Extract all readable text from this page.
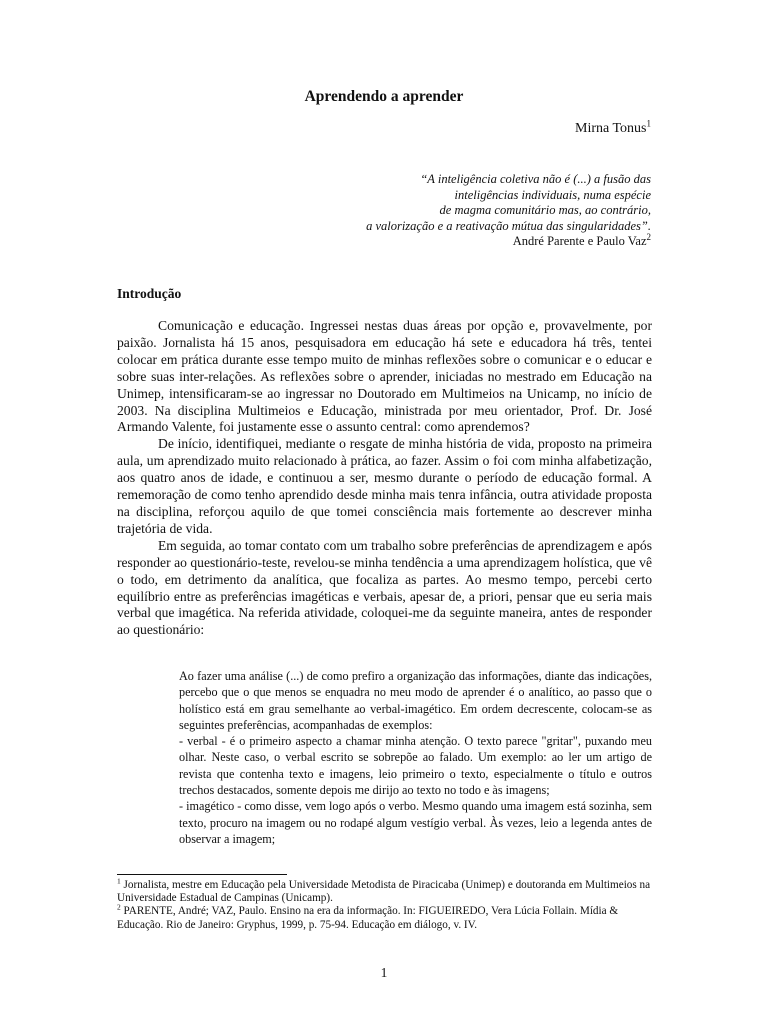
Aprendendo a aprender
Mirna Tonus$^1$
“A inteligência coletiva não é (...) a fusão das
inteligências individuais, numa espécie
de magma comunitário mas, ao contrário,
a valorização e a reativação mútua das singularidades”.
André Parente e Paulo Vaz$^2$
Introdução

Comunicação e educação. Ingressei nestas duas áreas por opção e, provavelmente, por paixão. Jornalista há 15 anos, pesquisadora em educação há sete e educadora há três, tentei colocar em prática durante esse tempo muito de minhas reflexões sobre o comunicar e o educar e sobre suas inter-relações. As reflexões sobre o aprender, iniciadas no mestrado em Educação na Unimep, intensificaram-se ao ingressar no Doutorado em Multimeios na Unicamp, no início de 2003. Na disciplina Multimeios e Educação, ministrada por meu orientador, Prof. Dr. José Armando Valente, foi justamente esse o assunto central: como aprendemos?

De início, identifiquei, mediante o resgate de minha história de vida, proposto na primeira aula, um aprendizado muito relacionado à prática, ao fazer. Assim o foi com minha alfabetização, aos quatro anos de idade, e continuou a ser, mesmo durante o período de educação formal. A rememoração de como tenho aprendido desde minha mais tenra infância, outra atividade proposta na disciplina, reforçou aquilo de que tomei consciência mais fortemente ao descrever minha trajetória de vida.

Em seguida, ao tomar contato com um trabalho sobre preferências de aprendizagem e após responder ao questionário-teste, revelou-se minha tendência a uma aprendizagem holística, que vê o todo, em detrimento da analítica, que focaliza as partes. Ao mesmo tempo, percebi certo equilíbrio entre as preferências imagéticas e verbais, apesar de, a priori, pensar que eu seria mais verbal que imagética. Na referida atividade, coloquei-me da seguinte maneira, antes de responder ao questionário:

Ao fazer uma análise (...) de como prefiro a organização das informações, diante das indicações, percebo que o que menos se enquadra no meu modo de aprender é o analítico, ao passo que o holístico está em grau semelhante ao verbal-imagético. Em ordem decrescente, colocam-se as seguintes preferências, acompanhadas de exemplos:

- verbal - é o primeiro aspecto a chamar minha atenção. O texto parece "gritar", puxando meu olhar. Neste caso, o verbal escrito se sobrepõe ao falado. Um exemplo: ao ler um artigo de revista que contenha texto e imagens, leio primeiro o texto, especialmente o título e outros trechos destacados, somente depois me dirijo ao texto no todo e às imagens;

- imagético - como disse, vem logo após o verbo. Mesmo quando uma imagem está sozinha, sem texto, procuro na imagem ou no rodapé algum vestígio verbal. Às vezes, leio a legenda antes de observar a imagem;

$^1$ Jornalista, mestre em Educação pela Universidade Metodista de Piracicaba (Unimep) e doutoranda em Multimeios na Universidade Estadual de Campinas (Unicamp).

$^2$ PARENTE, André; VAZ, Paulo. Ensino na era da informação. In: FIGUEIREDO, Vera Lúcia Follain. Mídia & Educação. Rio de Janeiro: Gryphus, 1999, p. 75-94. Educação em diálogo, v. IV.

1
